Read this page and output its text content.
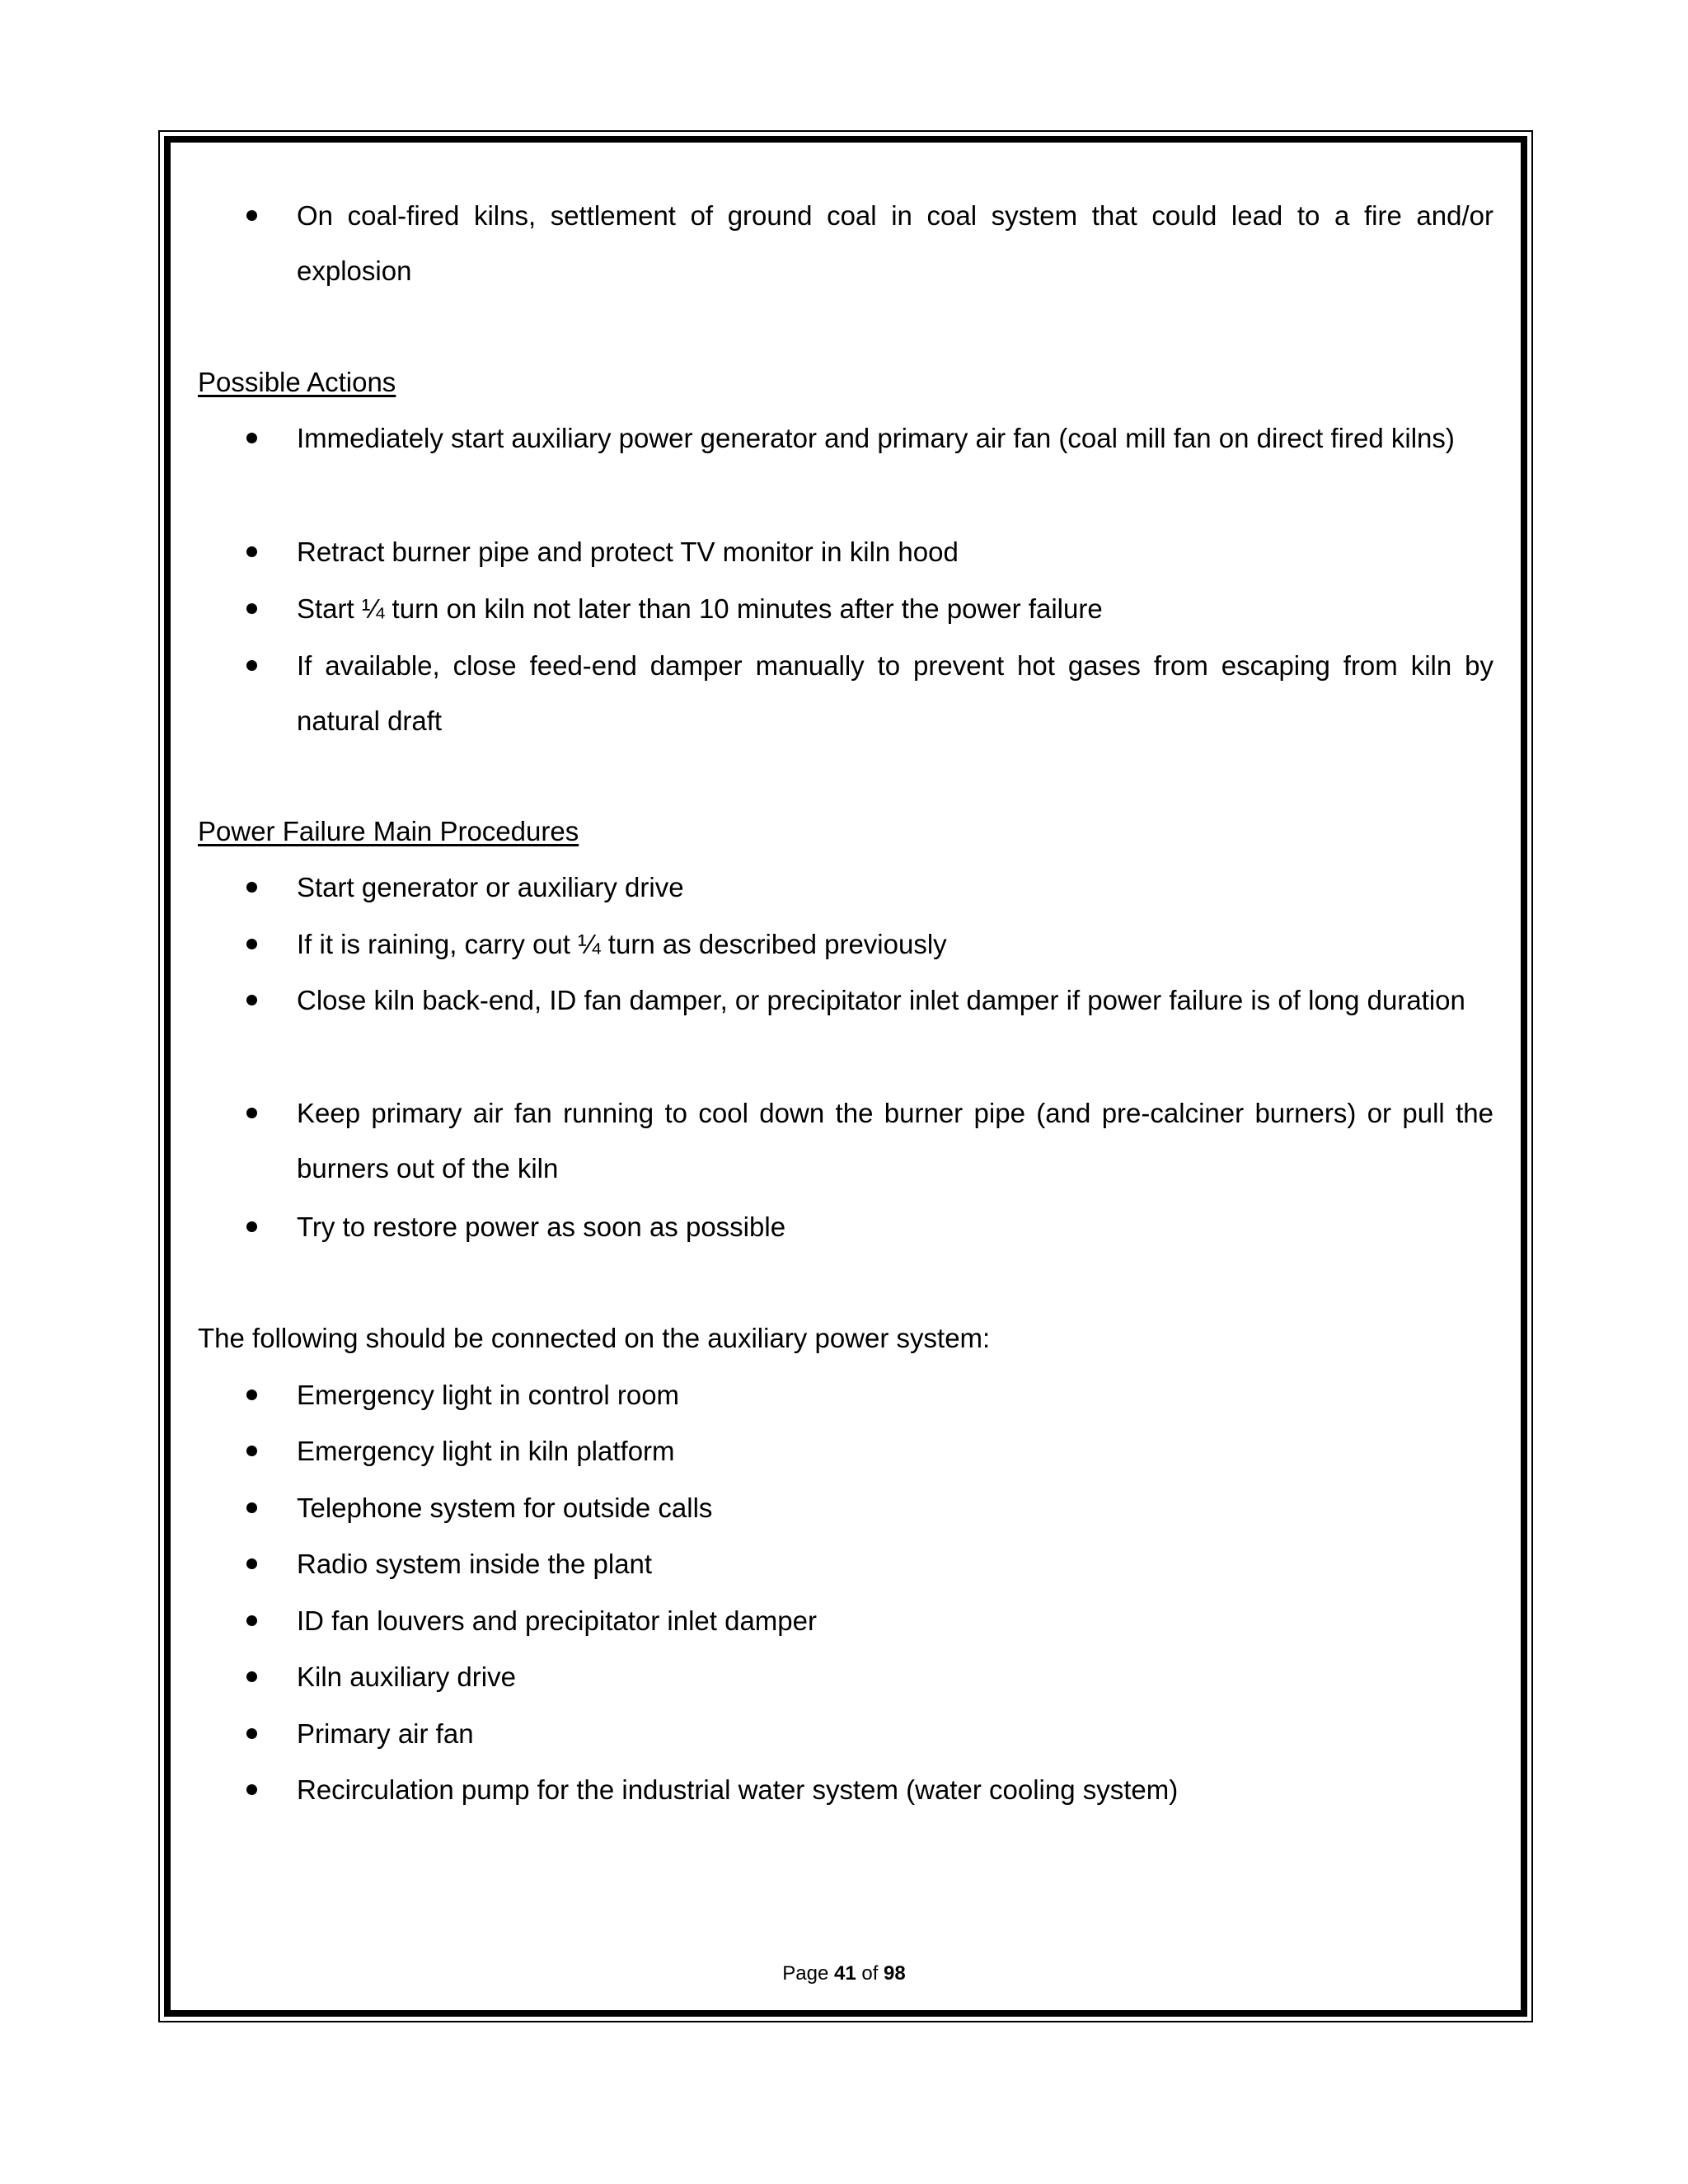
On coal-fired kilns, settlement of ground coal in coal system that could lead to a fire and/or explosion
Possible Actions
Immediately start auxiliary power generator and primary air fan (coal mill fan on direct fired kilns)
Retract burner pipe and protect TV monitor in kiln hood
Start ¼ turn on kiln not later than 10 minutes after the power failure
If available, close feed-end damper manually to prevent hot gases from escaping from kiln by natural draft
Power Failure Main Procedures
Start generator or auxiliary drive
If it is raining, carry out ¼ turn as described previously
Close kiln back-end, ID fan damper, or precipitator inlet damper if power failure is of long duration
Keep primary air fan running to cool down the burner pipe (and pre-calciner burners) or pull the burners out of the kiln
Try to restore power as soon as possible
The following should be connected on the auxiliary power system:
Emergency light in control room
Emergency light in kiln platform
Telephone system for outside calls
Radio system inside the plant
ID fan louvers and precipitator inlet damper
Kiln auxiliary drive
Primary air fan
Recirculation pump for the industrial water system (water cooling system)
Page 41 of 98
